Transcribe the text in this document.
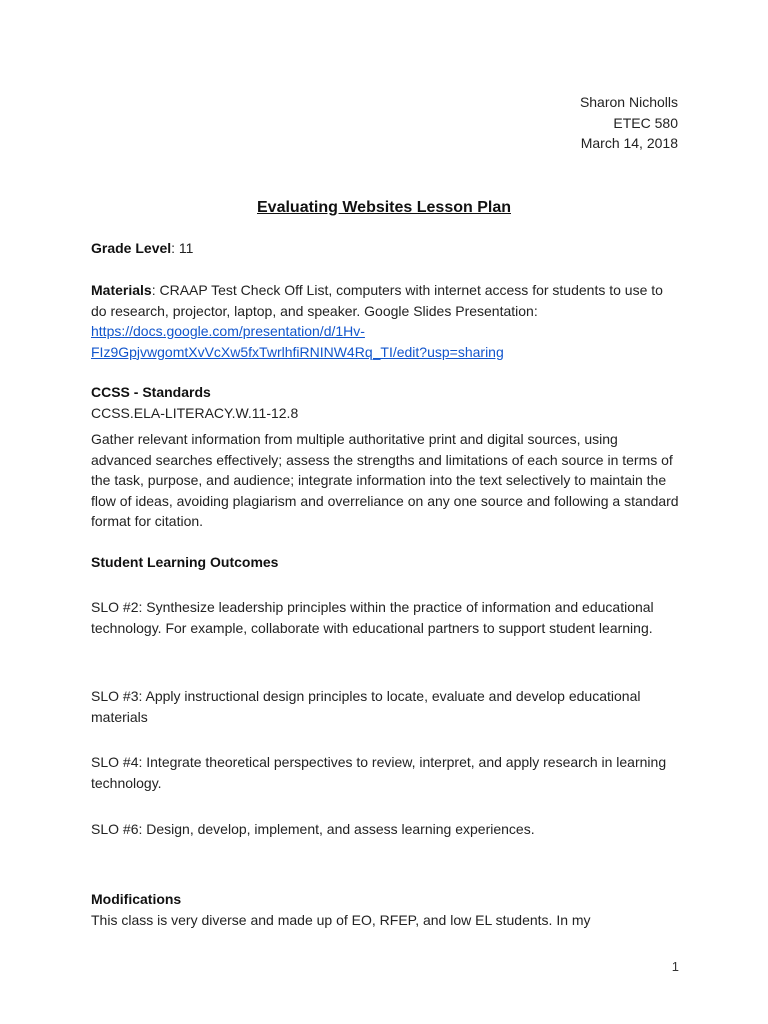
Sharon Nicholls
ETEC 580
March 14, 2018
Evaluating Websites Lesson Plan
Grade Level: 11
Materials: CRAAP Test Check Off List, computers with internet access for students to use to do research, projector, laptop, and speaker. Google Slides Presentation:
https://docs.google.com/presentation/d/1Hv-
FIz9GpjvwgomtXvVcXw5fxTwrlhfiRNINW4Rq_TI/edit?usp=sharing
CCSS - Standards
CCSS.ELA-LITERACY.W.11-12.8
Gather relevant information from multiple authoritative print and digital sources, using advanced searches effectively; assess the strengths and limitations of each source in terms of the task, purpose, and audience; integrate information into the text selectively to maintain the flow of ideas, avoiding plagiarism and overreliance on any one source and following a standard format for citation.
Student Learning Outcomes
SLO #2: Synthesize leadership principles within the practice of information and educational technology. For example, collaborate with educational partners to support student learning.
SLO #3: Apply instructional design principles to locate, evaluate and develop educational materials
SLO #4: Integrate theoretical perspectives to review, interpret, and apply research in learning technology.
SLO #6: Design, develop, implement, and assess learning experiences.
Modifications
This class is very diverse and made up of EO, RFEP, and low EL students. In my
1
